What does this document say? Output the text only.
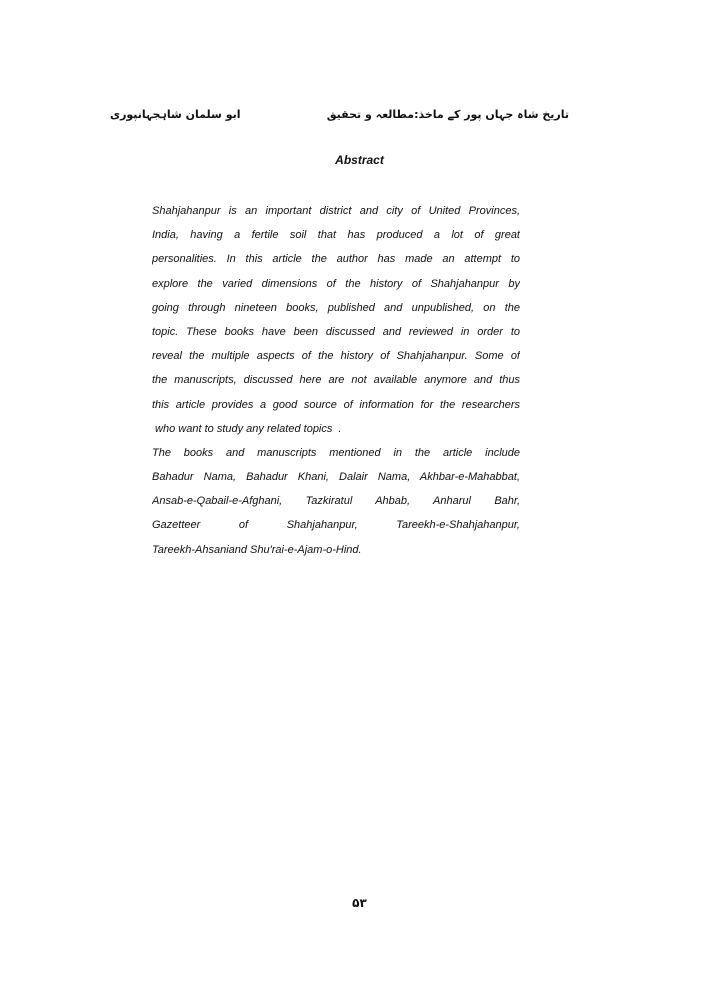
ابو سلمان شاہجہانپوری	تاریخ شاہ جہاں پور کے ماخذ:مطالعہ و تحقیق
Abstract
Shahjahanpur is an important district and city of United Provinces,
India, having a fertile soil that has produced a lot of great
personalities. In this article the author has made an attempt to
explore the varied dimensions of the history of Shahjahanpur by
going through nineteen books, published and unpublished, on the
topic. These books have been discussed and reviewed in order to
reveal the multiple aspects of the history of Shahjahanpur. Some of
the manuscripts, discussed here are not available anymore and thus
this article provides a good source of information for the researchers
who want to study any related topics  .
The books and manuscripts mentioned in the article include
Bahadur Nama, Bahadur Khani, Dalair Nama, Akhbar-e-Mahabbat,
Ansab-e-Qabail-e-Afghani, Tazkiratul Ahbab, Anharul Bahr,
Gazetteer of Shahjahanpur, Tareekh-e-Shahjahanpur,
Tareekh-Ahsaniand Shu'rai-e-Ajam-o-Hind.
۵۳
